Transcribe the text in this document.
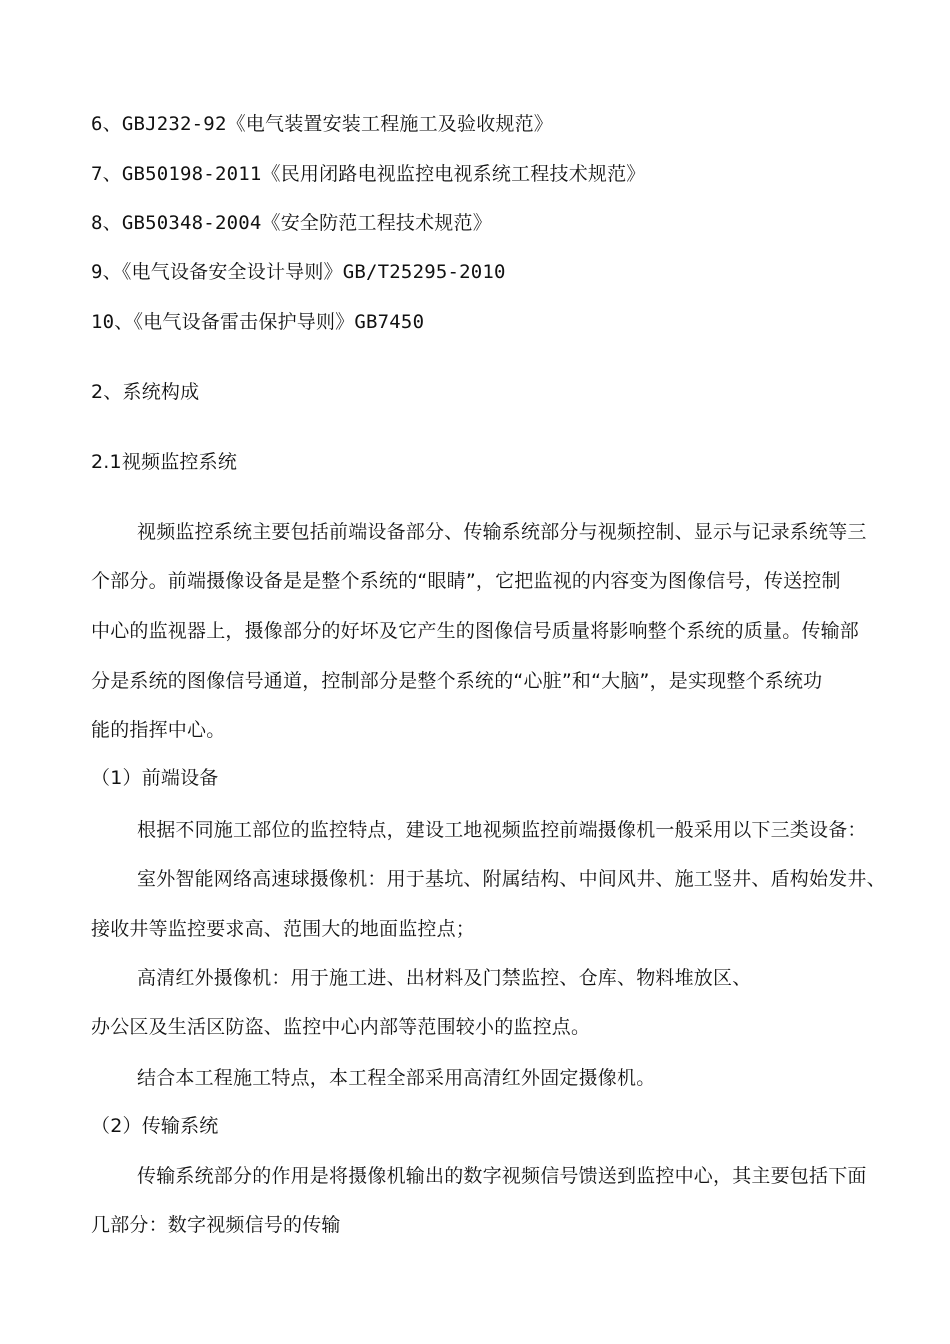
6、GBJ232-92《电气装置安装工程施工及验收规范》
7、GB50198-2011《民用闭路电视监控电视系统工程技术规范》
8、GB50348-2004《安全防范工程技术规范》
9、《电气设备安全设计导则》GB/T25295-2010
10、《电气设备雷击保护导则》GB7450
2、系统构成
2.1视频监控系统
视频监控系统主要包括前端设备部分、传输系统部分与视频控制、显示与记录系统等三
个部分。前端摄像设备是是整个系统的“眼睛”，它把监视的内容变为图像信号，传送控制
中心的监视器上，摄像部分的好坏及它产生的图像信号质量将影响整个系统的质量。传输部
分是系统的图像信号通道，控制部分是整个系统的“心脏”和“大脑”，是实现整个系统功
能的指挥中心。
（1）前端设备
根据不同施工部位的监控特点，建设工地视频监控前端摄像机一般采用以下三类设备：
室外智能网络高速球摄像机：用于基坑、附属结构、中间风井、施工竖井、盾构始发井、
接收井等监控要求高、范围大的地面监控点；
高清红外摄像机：用于施工进、出材料及门禁监控、仓库、物料堆放区、
办公区及生活区防盗、监控中心内部等范围较小的监控点。
结合本工程施工特点，本工程全部采用高清红外固定摄像机。
（2）传输系统
传输系统部分的作用是将摄像机输出的数字视频信号馈送到监控中心，其主要包括下面
几部分：数字视频信号的传输
